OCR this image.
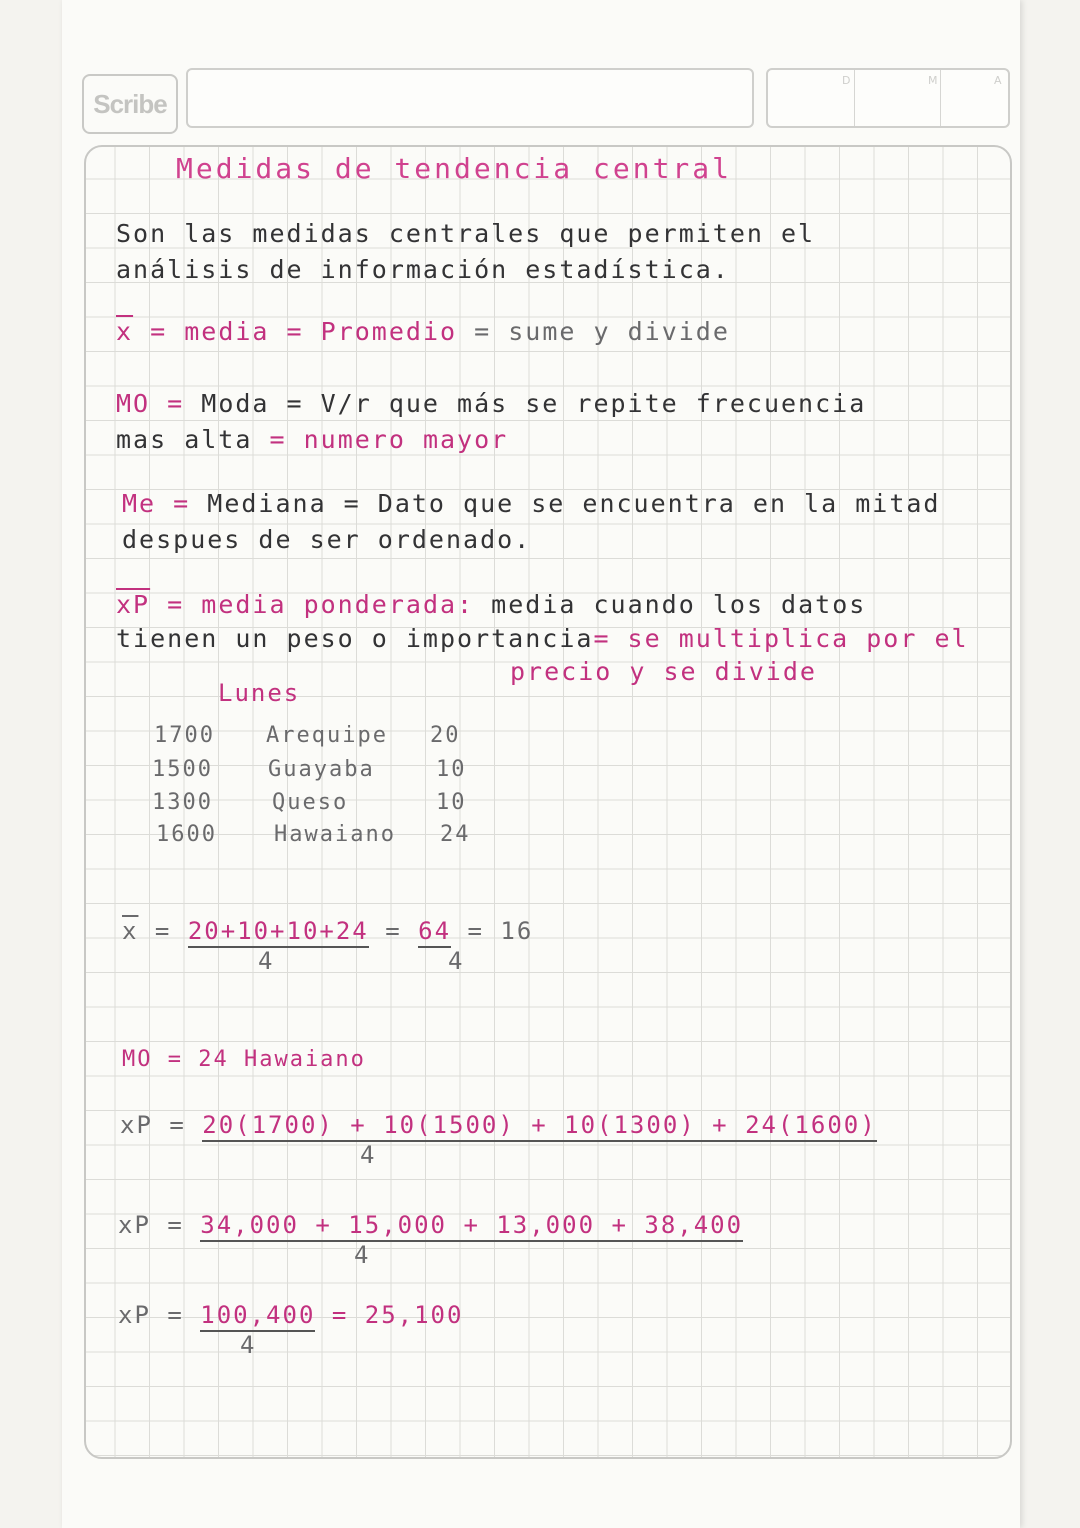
Scribe
D	M	A
Medidas de tendencia central
Son las medidas centrales que permiten el
análisis de información estadística.
$\overline{x}$ = media = Promedio = sume y divide
MO = Moda = V/r que más se repite frecuencia
mas alta = numero mayor
Me = Mediana = Dato que se encuentra en la mitad
despues de ser ordenado.
$\overline{xP}$ = media ponderada: media cuando los datos
tienen un peso o importancia= se multiplica por el
precio y se divide
Lunes
1700 Arequipe 20
1500	Guayaba	10
1300	Queso	10
1600	Hawaiano 24
$\overline{x} = 20+10+10+24 = 64 = 16$
4	4
MO = 24 Hawaiano
xP = 20(1700) + 10(1500) + 10(1300) + 24(1600)
4
xP = 34,000 + 15,000 + 13,000 + 38,400
4
xP = 100,400 = 25,100
4
